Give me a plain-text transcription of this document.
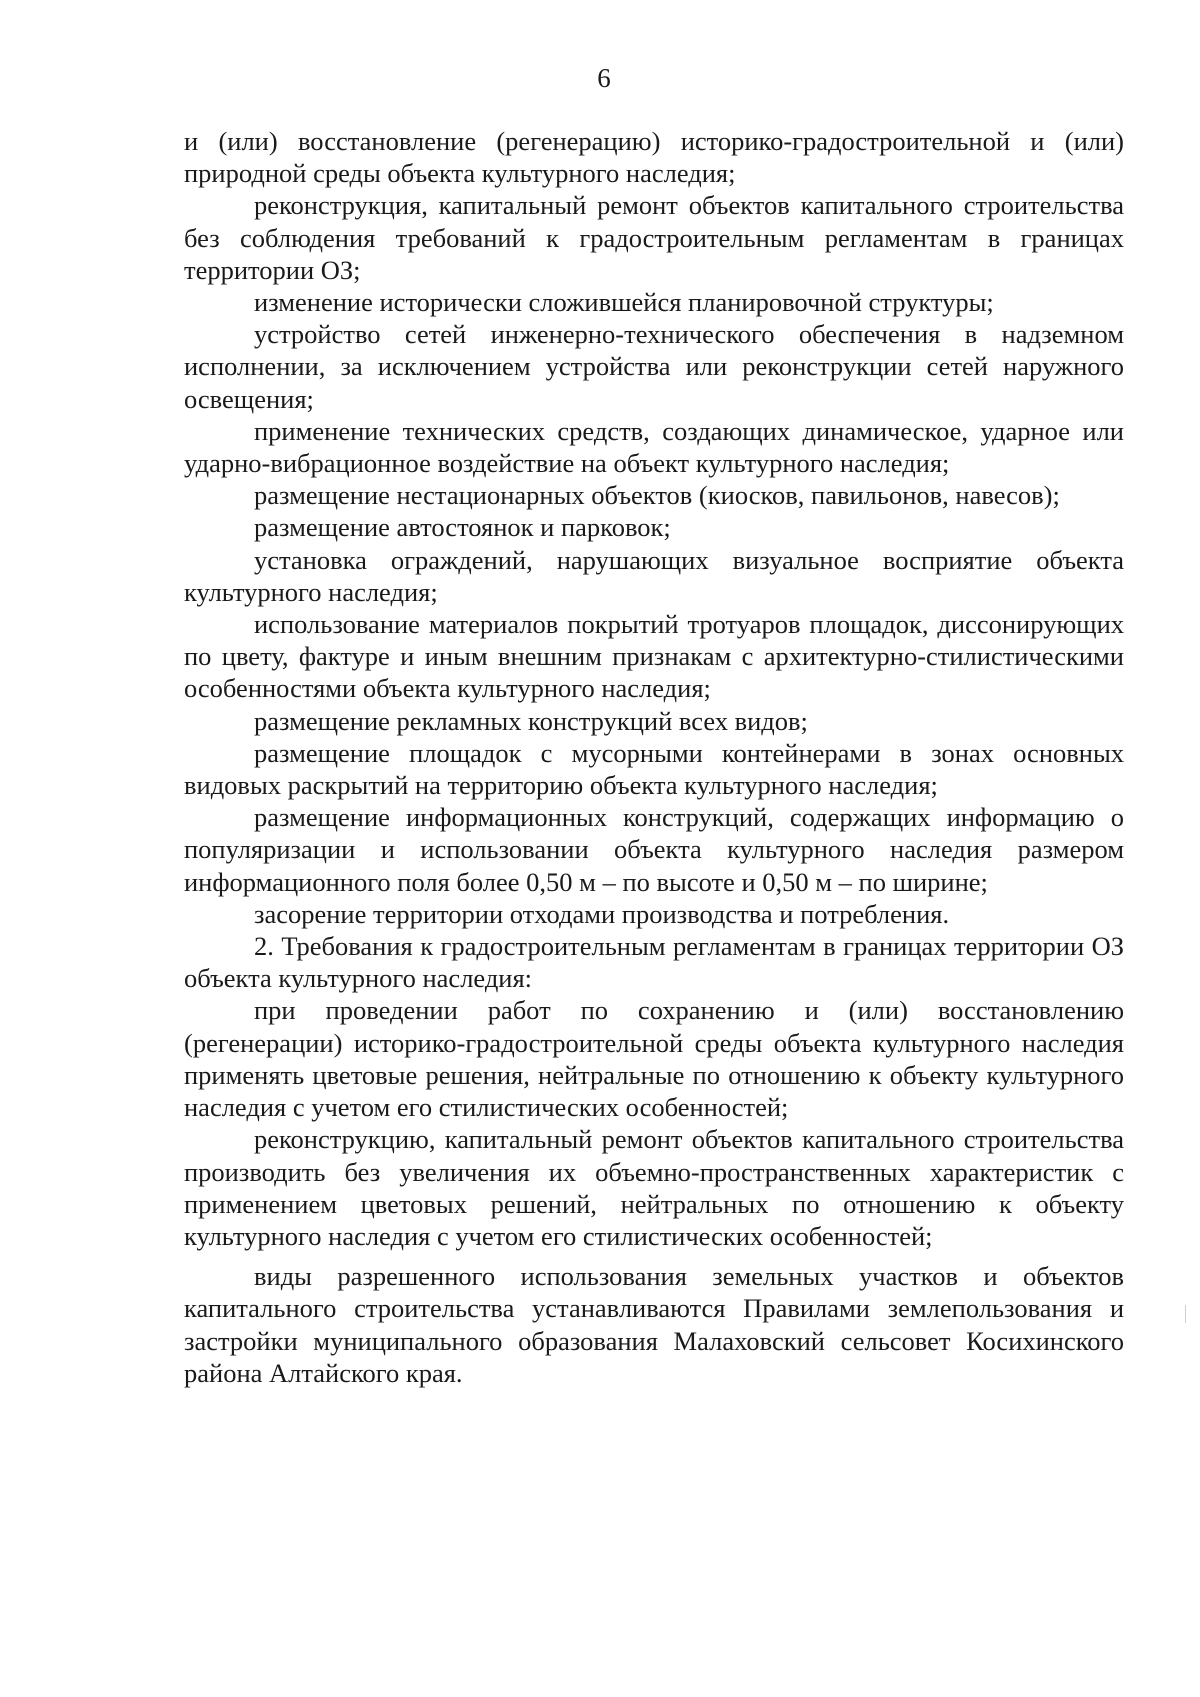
6

и (или) восстановление (регенерацию) историко-градостроительной и (или) природной среды объекта культурного наследия;

реконструкция, капитальный ремонт объектов капитального строительства без соблюдения требований к градостроительным регламентам в границах территории ОЗ;

изменение исторически сложившейся планировочной структуры;

устройство сетей инженерно-технического обеспечения в надземном исполнении, за исключением устройства или реконструкции сетей наружного освещения;

применение технических средств, создающих динамическое, ударное или ударно-вибрационное воздействие на объект культурного наследия;

размещение нестационарных объектов (киосков, павильонов, навесов);

размещение автостоянок и парковок;

установка ограждений, нарушающих визуальное восприятие объекта культурного наследия;

использование материалов покрытий тротуаров площадок, диссонирующих по цвету, фактуре и иным внешним признакам с архитектурно-стилистическими особенностями объекта культурного наследия;

размещение рекламных конструкций всех видов;

размещение площадок с мусорными контейнерами в зонах основных видовых раскрытий на территорию объекта культурного наследия;

размещение информационных конструкций, содержащих информацию о популяризации и использовании объекта культурного наследия размером информационного поля более 0,50 м – по высоте и 0,50 м – по ширине;

засорение территории отходами производства и потребления.

2. Требования к градостроительным регламентам в границах территории ОЗ объекта культурного наследия:

при проведении работ по сохранению и (или) восстановлению (регенерации) историко-градостроительной среды объекта культурного наследия применять цветовые решения, нейтральные по отношению к объекту культурного наследия с учетом его стилистических особенностей;

реконструкцию, капитальный ремонт объектов капитального строительства производить без увеличения их объемно-пространственных характеристик с применением цветовых решений, нейтральных по отношению к объекту культурного наследия с учетом его стилистических особенностей;

виды разрешенного использования земельных участков и объектов капитального строительства устанавливаются Правилами землепользования и застройки муниципального образования Малаховский сельсовет Косихинского района Алтайского края.
